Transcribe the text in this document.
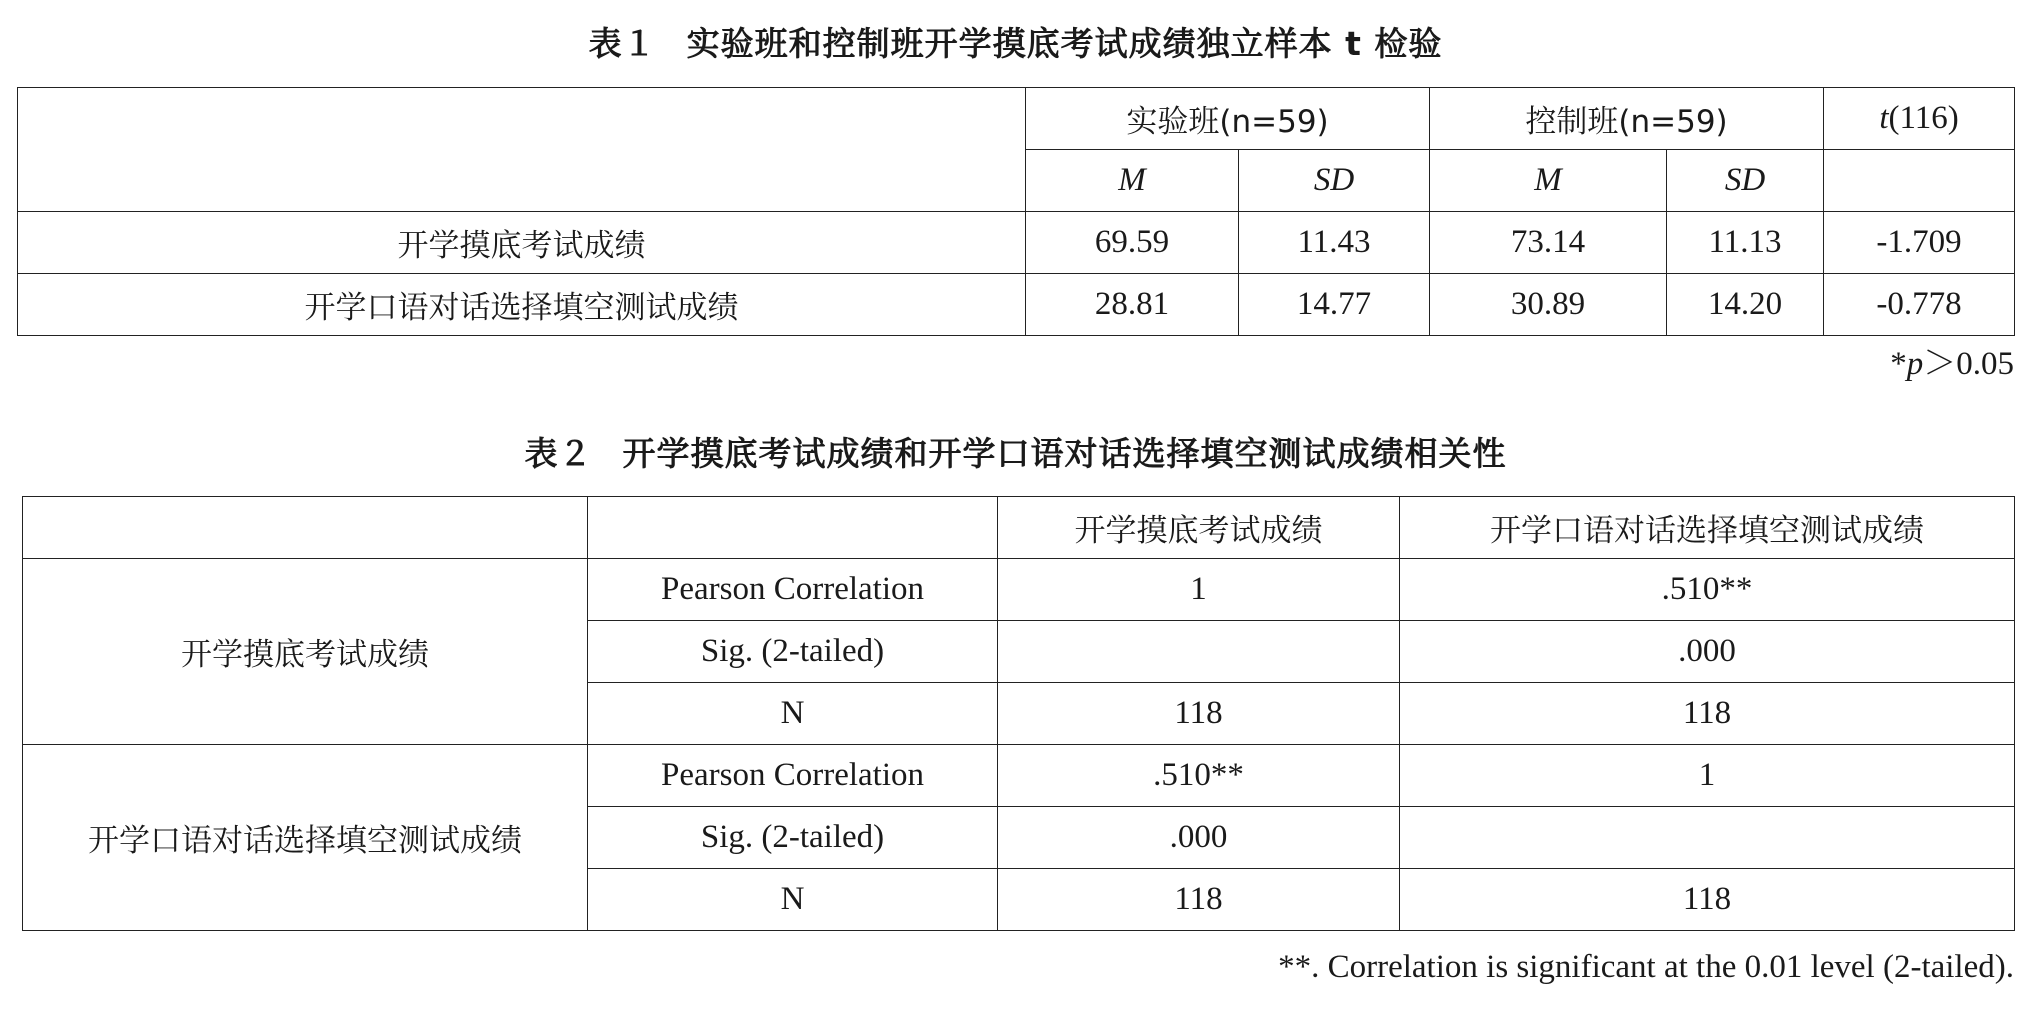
表１ 实验班和控制班开学摸底考试成绩独立样本 t 检验
	实验班(n=59)		控制班(n=59)		t(116)
	M	SD	M	SD	
开学摸底考试成绩	69.59	11.43	73.14	11.13	-1.709
开学口语对话选择填空测试成绩	28.81	14.77	30.89	14.20	-0.778
*p＞0.05
表２ 开学摸底考试成绩和开学口语对话选择填空测试成绩相关性
		开学摸底考试成绩	开学口语对话选择填空测试成绩
开学摸底考试成绩	Pearson Correlation	1	.510**
	Sig. (2-tailed)		.000
	N	118	118
开学口语对话选择填空测试成绩	Pearson Correlation	.510**	1
	Sig. (2-tailed)	.000	
	N	118	118
**. Correlation is significant at the 0.01 level (2-tailed).
